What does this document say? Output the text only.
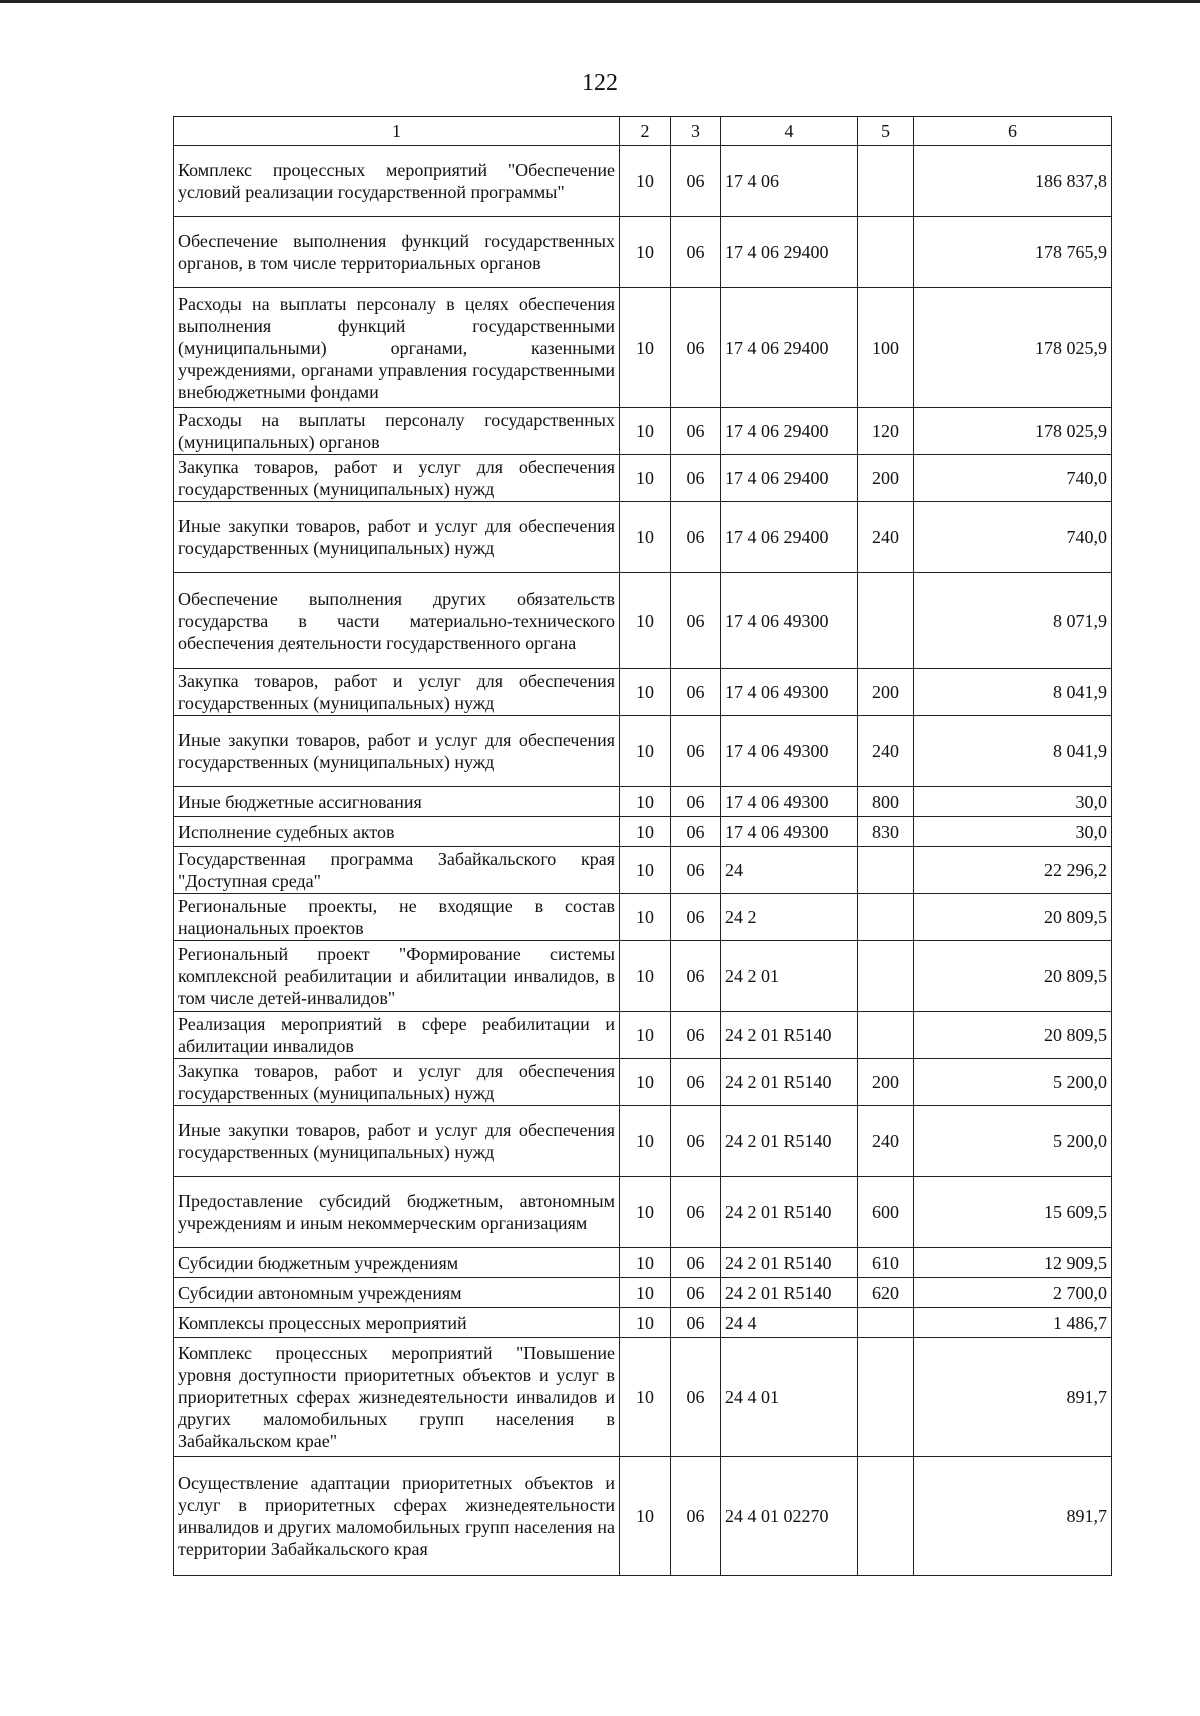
122
1	2	3	4	5	6
Комплекс процессных мероприятий "Обеспечение условий реализации государственной программы"	10	06	17 4 06		186 837,8
Обеспечение выполнения функций государственных органов, в том числе территориальных органов	10	06	17 4 06 29400		178 765,9
Расходы на выплаты персоналу в целях обеспечения выполнения функций государственными (муниципальными) органами, казенными учреждениями, органами управления государственными внебюджетными фондами	10	06	17 4 06 29400	100	178 025,9
Расходы на выплаты персоналу государственных (муниципальных) органов	10	06	17 4 06 29400	120	178 025,9
Закупка товаров, работ и услуг для обеспечения государственных (муниципальных) нужд	10	06	17 4 06 29400	200	740,0
Иные закупки товаров, работ и услуг для обеспечения государственных (муниципальных) нужд	10	06	17 4 06 29400	240	740,0
Обеспечение выполнения других обязательств государства в части материально-технического обеспечения деятельности государственного органа	10	06	17 4 06 49300		8 071,9
Закупка товаров, работ и услуг для обеспечения государственных (муниципальных) нужд	10	06	17 4 06 49300	200	8 041,9
Иные закупки товаров, работ и услуг для обеспечения государственных (муниципальных) нужд	10	06	17 4 06 49300	240	8 041,9
Иные бюджетные ассигнования	10	06	17 4 06 49300	800	30,0
Исполнение судебных актов	10	06	17 4 06 49300	830	30,0
Государственная программа Забайкальского края "Доступная среда"	10	06	24		22 296,2
Региональные проекты, не входящие в состав национальных проектов	10	06	24 2		20 809,5
Региональный проект "Формирование системы комплексной реабилитации и абилитации инвалидов, в том числе детей-инвалидов"	10	06	24 2 01		20 809,5
Реализация мероприятий в сфере реабилитации и абилитации инвалидов	10	06	24 2 01 R5140		20 809,5
Закупка товаров, работ и услуг для обеспечения государственных (муниципальных) нужд	10	06	24 2 01 R5140	200	5 200,0
Иные закупки товаров, работ и услуг для обеспечения государственных (муниципальных) нужд	10	06	24 2 01 R5140	240	5 200,0
Предоставление субсидий бюджетным, автономным учреждениям и иным некоммерческим организациям	10	06	24 2 01 R5140	600	15 609,5
Субсидии бюджетным учреждениям	10	06	24 2 01 R5140	610	12 909,5
Субсидии автономным учреждениям	10	06	24 2 01 R5140	620	2 700,0
Комплексы процессных мероприятий	10	06	24 4		1 486,7
Комплекс процессных мероприятий "Повышение уровня доступности приоритетных объектов и услуг в приоритетных сферах жизнедеятельности инвалидов и других маломобильных групп населения в Забайкальском крае"	10	06	24 4 01		891,7
Осуществление адаптации приоритетных объектов и услуг в приоритетных сферах жизнедеятельности инвалидов и других маломобильных групп населения на территории Забайкальского края	10	06	24 4 01 02270		891,7
